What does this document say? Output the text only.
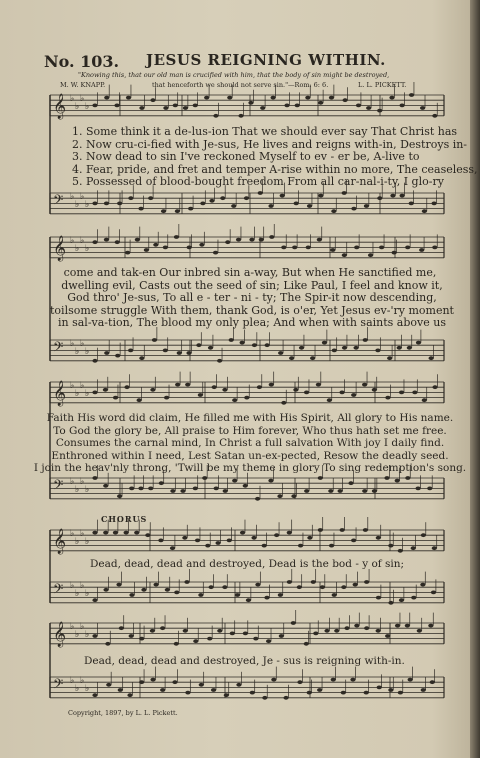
No. 103. JESUS REIGNING WITHIN.
"Knowing this, that our old man is crucified with him, that the body of sin might be destroyed,
M. W. KNAPP.	that henceforth we should not serve sin."—Rom. 6: 6.	L. L. PICKETT.
𝄞 ♭
♭
♭
♭
𝄢 ♭
♭
♭
♭
𝄞 ♭
♭
♭
♭
𝄢 ♭
♭
♭
♭
𝄞 ♭
♭
♭
♭
𝄢 ♭
♭
♭
♭
𝄞 ♭
♭
♭
♭
𝄢 ♭
♭
♭
♭
𝄞 ♭
♭
♭
♭
𝄢 ♭
♭
♭
♭
1. Some think it a de-lus-ion That we should ever say That Christ has
2. Now cru-ci-fied with Je-sus, He lives and reigns with-in, Destroys in-
3. Now dead to sin I've reckoned Myself to ev - er be, A-live to
4. Fear, pride, and fret and temper A-rise within no more, The ceaseless,
5. Possessed of blood-bought freedom From all car-nal-i-ty, I glo-ry
come and tak-en Our inbred sin a-way, But when He sanctified me,
dwelling evil, Casts out the seed of sin; Like Paul, I feel and know it,
God thro' Je-sus, To all e - ter - ni - ty; The Spir-it now descending,
toilsome struggle With them, thank God, is o'er, Yet Jesus ev-'ry moment
in sal-va-tion, The blood my only plea; And when with saints above us
Faith His word did claim, He filled me with His Spirit, All glory to His name.
To God the glory be, All praise to Him forever, Who thus hath set me free.
Consumes the carnal mind, In Christ a full salvation With joy I daily find.
Enthroned within I need, Lest Satan un-ex-pected, Resow the deadly seed.
I join the heav'nly throng, 'Twill be my theme in glory To sing redemption's song.
CHORUS
Dead, dead, dead and destroyed, Dead is the bod - y of sin;
Dead, dead, dead and destroyed, Je - sus is reigning with-in.
Copyright, 1897, by L. L. Pickett.
